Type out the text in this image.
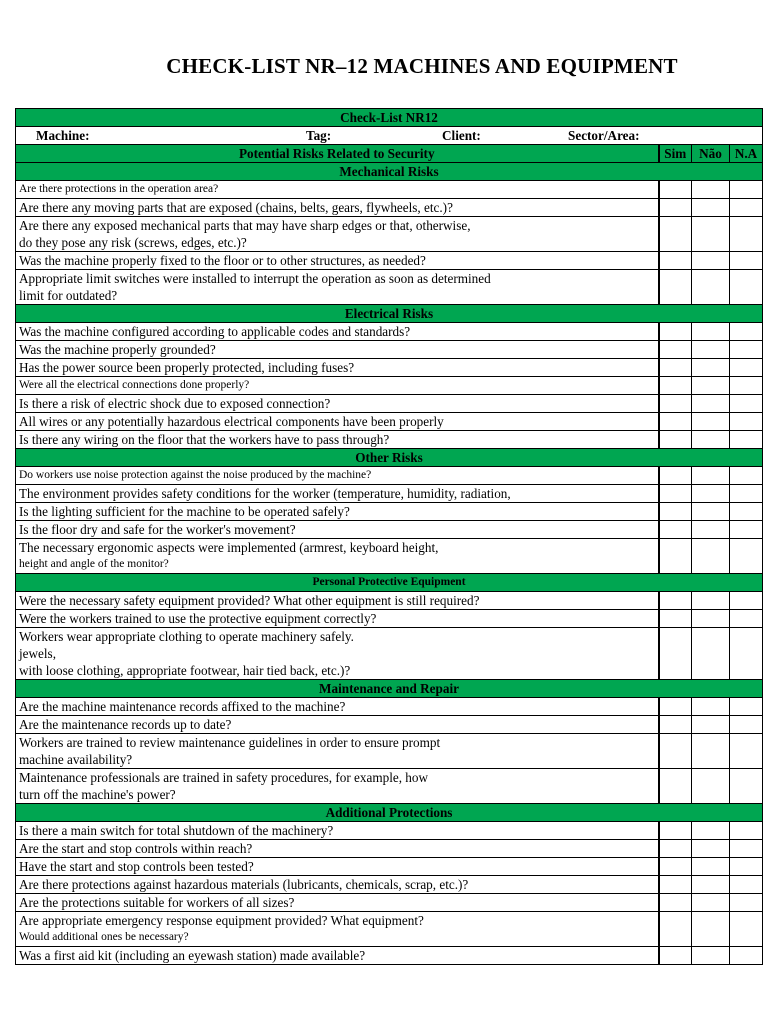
CHECK-LIST NR–12 MACHINES AND EQUIPMENT
Check-List NR12			

Machine: Tag: Client: Sector/Area:			

Potential Risks Related to Security	Sim	Não	N.A
Mechanical Risks			

Are there protections in the operation area?			

Are there any moving parts that are exposed (chains, belts, gears, flywheels, etc.)?			

Are there any exposed mechanical parts that may have sharp edges or that, otherwise,
do they pose any risk (screws, edges, etc.)?			

Was the machine properly fixed to the floor or to other structures, as needed?			

Appropriate limit switches were installed to interrupt the operation as soon as determined
limit for outdated?			

Electrical Risks			

Was the machine configured according to applicable codes and standards?			

Was the machine properly grounded?			

Has the power source been properly protected, including fuses?			

Were all the electrical connections done properly?			

Is there a risk of electric shock due to exposed connection?			

All wires or any potentially hazardous electrical components have been properly			

Is there any wiring on the floor that the workers have to pass through?			

Other Risks			

Do workers use noise protection against the noise produced by the machine?			

The environment provides safety conditions for the worker (temperature, humidity, radiation,			

Is the lighting sufficient for the machine to be operated safely?			

Is the floor dry and safe for the worker's movement?			

The necessary ergonomic aspects were implemented (armrest, keyboard height,
height and angle of the monitor?			

Personal Protective Equipment			

Were the necessary safety equipment provided? What other equipment is still required?			

Were the workers trained to use the protective equipment correctly?			

Workers wear appropriate clothing to operate machinery safely.
jewels,
with loose clothing, appropriate footwear, hair tied back, etc.)?			

Maintenance and Repair			

Are the machine maintenance records affixed to the machine?			

Are the maintenance records up to date?			

Workers are trained to review maintenance guidelines in order to ensure prompt
machine availability?			

Maintenance professionals are trained in safety procedures, for example, how
turn off the machine's power?			

Additional Protections			

Is there a main switch for total shutdown of the machinery?			

Are the start and stop controls within reach?			

Have the start and stop controls been tested?			

Are there protections against hazardous materials (lubricants, chemicals, scrap, etc.)?			

Are the protections suitable for workers of all sizes?			

Are appropriate emergency response equipment provided? What equipment?
Would additional ones be necessary?			

Was a first aid kit (including an eyewash station) made available?			
